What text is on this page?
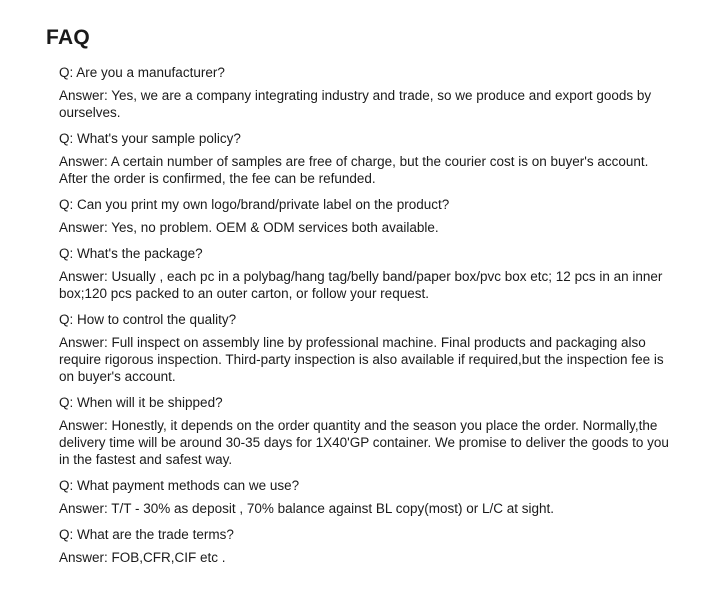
FAQ
Q: Are you a manufacturer?
Answer: Yes, we are a company integrating industry and trade, so we produce and export goods by ourselves.
Q: What's your sample policy?
Answer: A certain number of samples are free of charge, but the courier cost is on buyer's account. After the order is confirmed, the fee can be refunded.
Q: Can you print my own logo/brand/private label on the product?
Answer: Yes, no problem. OEM & ODM services both available.
Q: What's the package?
Answer: Usually , each pc in a polybag/hang tag/belly band/paper box/pvc box etc; 12 pcs in an inner box;120 pcs packed to an outer carton, or follow your request.
Q: How to control the quality?
Answer: Full inspect on assembly line by professional machine. Final products and packaging also require rigorous inspection. Third-party inspection is also available if required,but the inspection fee is on buyer's account.
Q: When will it be shipped?
Answer: Honestly, it depends on the order quantity and the season you place the order. Normally,the delivery time will be around 30-35 days for 1X40'GP container. We promise to deliver the goods to you in the fastest and safest way.
Q: What payment methods can we use?
Answer: T/T - 30% as deposit , 70% balance against BL copy(most) or L/C at sight.
Q: What are the trade terms?
Answer: FOB,CFR,CIF etc .
